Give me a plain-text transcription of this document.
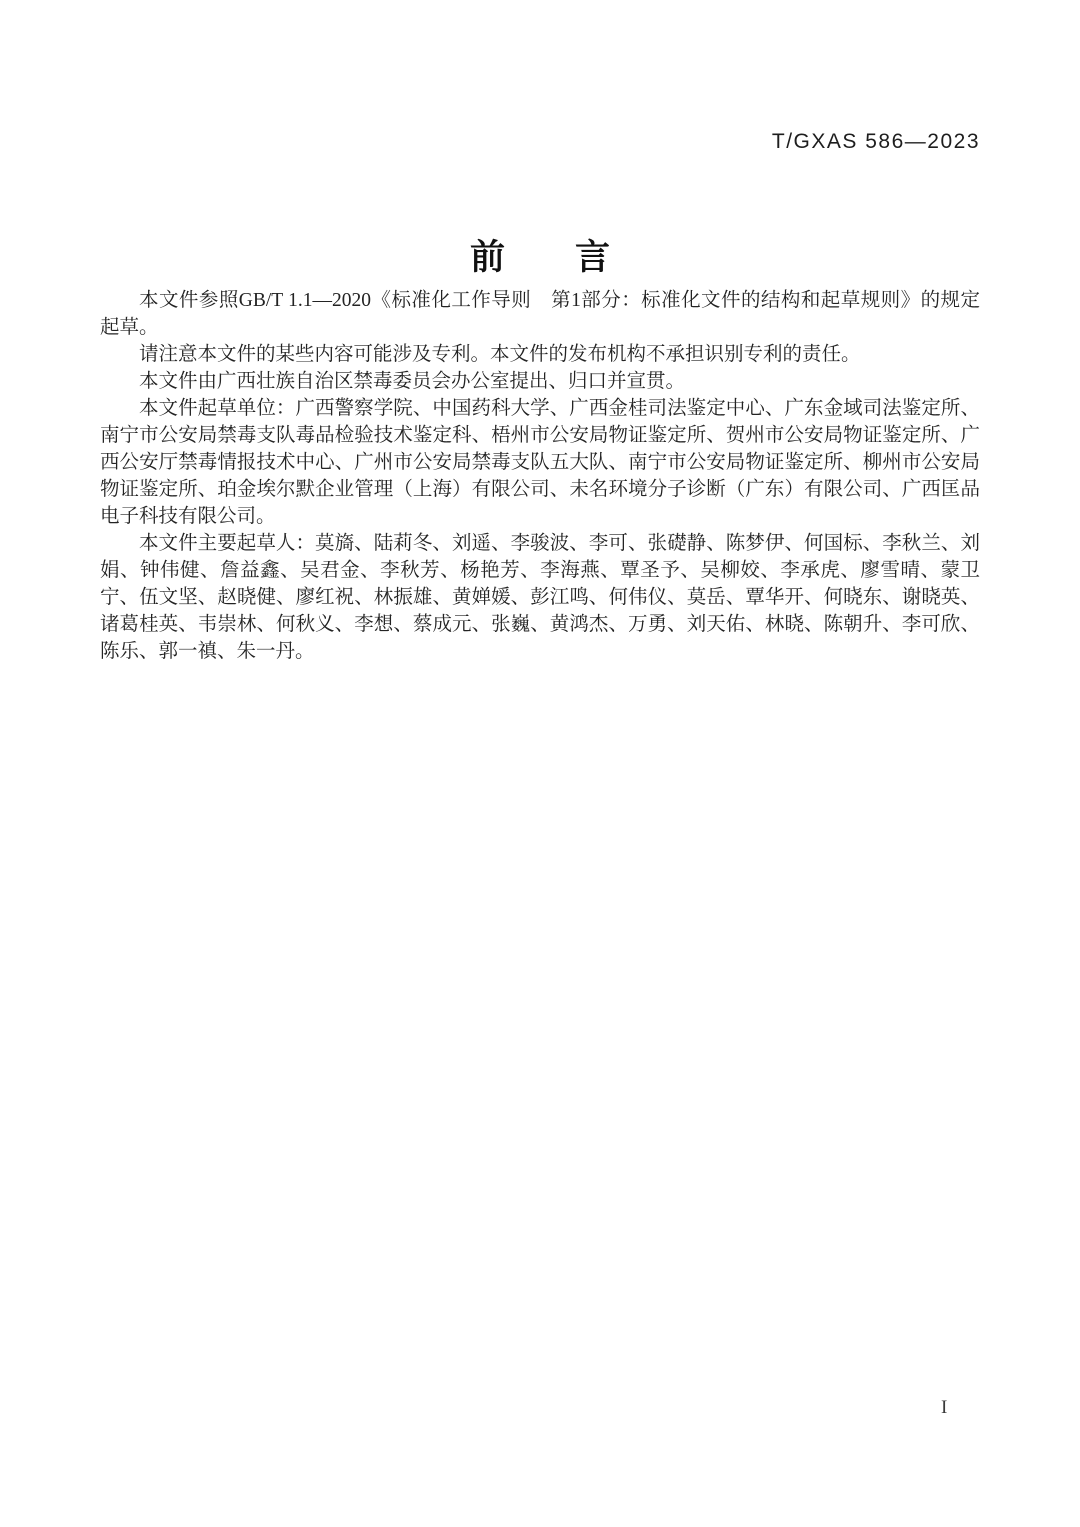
T/GXAS 586—2023
前　　言

本文件参照GB/T 1.1—2020《标准化工作导则　第1部分：标准化文件的结构和起草规则》的规定起草。

请注意本文件的某些内容可能涉及专利。本文件的发布机构不承担识别专利的责任。

本文件由广西壮族自治区禁毒委员会办公室提出、归口并宣贯。

本文件起草单位：广西警察学院、中国药科大学、广西金桂司法鉴定中心、广东金域司法鉴定所、南宁市公安局禁毒支队毒品检验技术鉴定科、梧州市公安局物证鉴定所、贺州市公安局物证鉴定所、广西公安厅禁毒情报技术中心、广州市公安局禁毒支队五大队、南宁市公安局物证鉴定所、柳州市公安局物证鉴定所、珀金埃尔默企业管理（上海）有限公司、未名环境分子诊断（广东）有限公司、广西匡品电子科技有限公司。

本文件主要起草人：莫旖、陆莉冬、刘遥、李骏波、李可、张礎静、陈梦伊、何国标、李秋兰、刘娟、钟伟健、詹益鑫、吴君金、李秋芳、杨艳芳、李海燕、覃圣予、吴柳姣、李承虎、廖雪晴、蒙卫宁、伍文坚、赵晓健、廖红祝、林振雄、黄婵媛、彭江鸣、何伟仪、莫岳、覃华开、何晓东、谢晓英、诸葛桂英、韦崇林、何秋义、李想、蔡成元、张巍、黄鸿杰、万勇、刘天佑、林晓、陈朝升、李可欣、陈乐、郭一禛、朱一丹。

I
